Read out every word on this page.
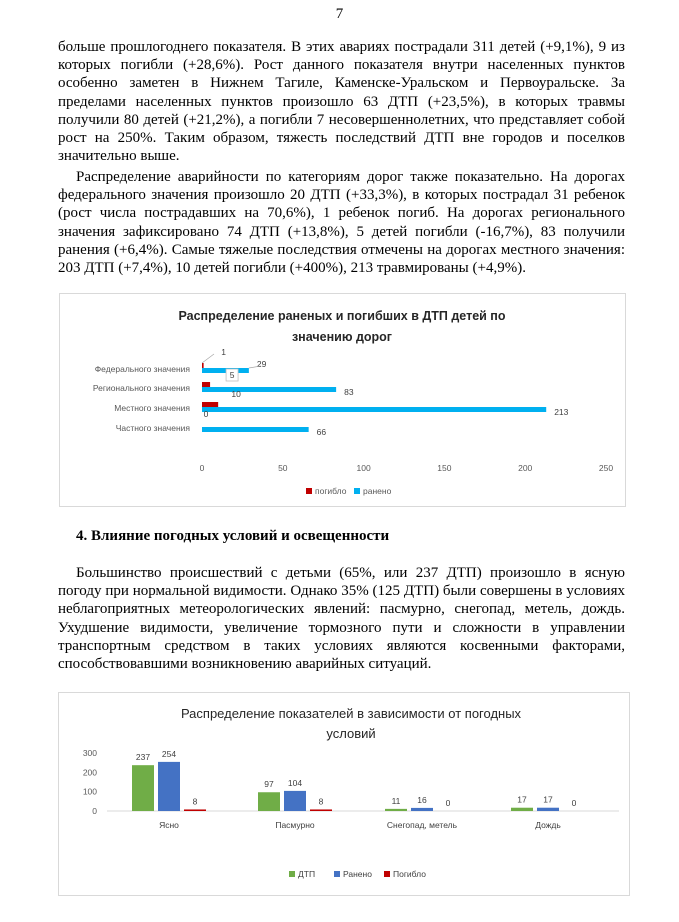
7

больше прошлогоднего показателя. В этих авариях пострадали 311 детей (+9,1%), 9 из которых погибли (+28,6%). Рост данного показателя внутри населенных пунктов особенно заметен в Нижнем Тагиле, Каменске-Уральском и Первоуральске. За пределами населенных пунктов произошло 63 ДТП (+23,5%), в которых травмы получили 80 детей (+21,2%), а погибли 7 несовершеннолетних, что представляет собой рост на 250%. Таким образом, тяжесть последствий ДТП вне городов и поселков значительно выше.

Распределение аварийности по категориям дорог также показательно. На дорогах федерального значения произошло 20 ДТП (+33,3%), в которых пострадал 31 ребенок (рост числа пострадавших на 70,6%), 1 ребенок погиб. На дорогах регионального значения зафиксировано 74 ДТП (+13,8%), 5 детей погибли (-16,7%), 83 получили ранения (+6,4%). Самые тяжелые последствия отмечены на дорогах местного значения: 203 ДТП (+7,4%), 10 детей погибли (+400%), 213 травмированы (+4,9%).

Распределение раненых и погибших в ДТП детей по
значению дорог
Федерального значения
1
29
Регионального значения
5
83
Местного значения
10
213
Частного значения
0
66
0	50	100	150	200	250
погибло ранено
4. Влияние погодных условий и освещенности

Большинство происшествий с детьми (65%, или 237 ДТП) произошло в ясную погоду при нормальной видимости. Однако 35% (125 ДТП) были совершены в условиях неблагоприятных метеорологических явлений: пасмурно, снегопад, метель, дождь. Ухудшение видимости, увеличение тормозного пути и сложности в управлении транспортным средством в таких условиях являются косвенными факторами, способствовавшими возникновению аварийных ситуаций.

Распределение показателей в зависимости от погодных
условий
0
100
200
300	237 254
8
Ясно
97 104
8
Пасмурно
11 16 0
Снегопад, метель
17 17 0
Дождь
ДТП	Ранено Погибло
